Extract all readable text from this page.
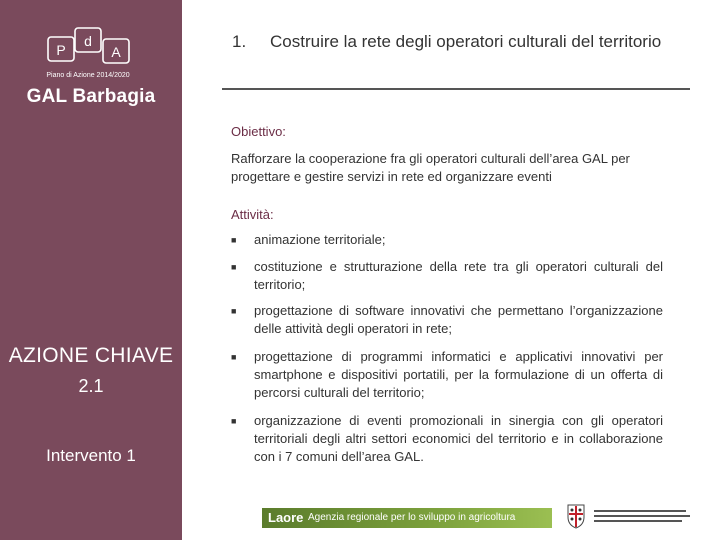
P
d
A
Piano di Azione 2014/2020
GAL Barbagia
AZIONE CHIAVE
2.1
Intervento 1
1. Costruire la rete degli operatori culturali del territorio
Obiettivo:
Rafforzare la cooperazione fra gli operatori culturali dell’area GAL per progettare e gestire servizi in rete ed organizzare eventi
Attività:
■ animazione territoriale;
■ costituzione e strutturazione della rete tra gli operatori culturali del territorio;
■ progettazione di software innovativi che permettano l’organizzazione delle attività degli operatori in rete;
■ progettazione di programmi informatici e applicativi innovativi per smartphone e dispositivi portatili, per la formulazione di un offerta di percorsi culturali del territorio;
■ organizzazione di eventi promozionali in sinergia con gli operatori territoriali degli altri settori economici del territorio e in collaborazione con i 7 comuni dell’area GAL.
Laore Agenzia regionale per lo sviluppo in agricoltura
